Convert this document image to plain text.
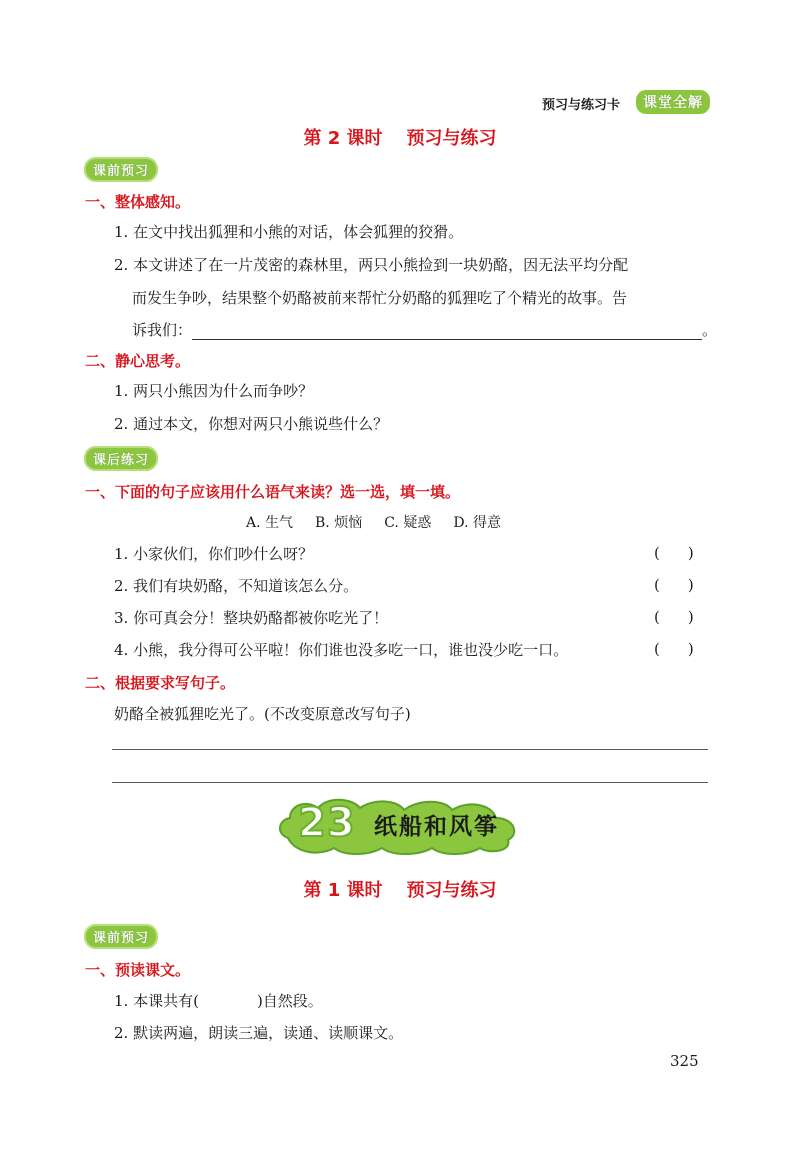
预习与练习卡	课堂全解
第 2 课时 预习与练习
课前预习
一、整体感知。
1. 在文中找出狐狸和小熊的对话，体会狐狸的狡猾。
2. 本文讲述了在一片茂密的森林里，两只小熊捡到一块奶酪，因无法平均分配
而发生争吵，结果整个奶酪被前来帮忙分奶酪的狐狸吃了个精光的故事。告
诉我们：	。
二、静心思考。
1. 两只小熊因为什么而争吵？
2. 通过本文，你想对两只小熊说些什么？
课后练习
一、下面的句子应该用什么语气来读？选一选，填一填。
A. 生气 B. 烦恼 C. 疑惑 D. 得意
1. 小家伙们，你们吵什么呀？	( )
2. 我们有块奶酪，不知道该怎么分。	( )
3. 你可真会分！整块奶酪都被你吃光了！	( )
4. 小熊，我分得可公平啦！你们谁也没多吃一口，谁也没少吃一口。	( )
二、根据要求写句子。
奶酪全被狐狸吃光了。(不改变原意改写句子)
23 纸船和风筝
第 1 课时 预习与练习
课前预习
一、预读课文。
1. 本课共有(	)自然段。
2. 默读两遍，朗读三遍，读通、读顺课文。
325
